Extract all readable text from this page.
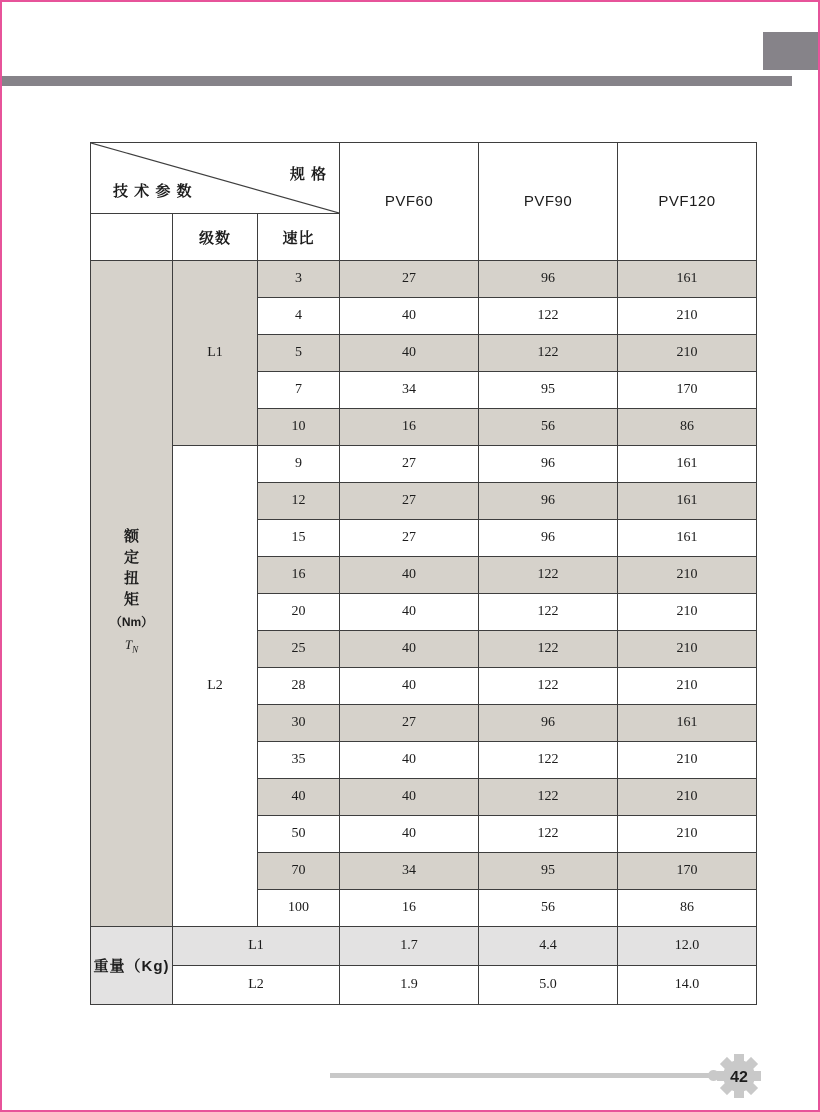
规 格
技 术 参 数			PVF60	PVF90	PVF120
	级数	速比			

额
定
扭
矩
（Nm）
$T_N$
	L1	3	27	96	161
		4	40	122	210
		5	40	122	210
		7	34	95	170
		10	16	56	86
	L2	9	27	96	161
		12	27	96	161
		15	27	96	161
		16	40	122	210
		20	40	122	210
		25	40	122	210
		28	40	122	210
		30	27	96	161
		35	40	122	210
		40	40	122	210
		50	40	122	210
		70	34	95	170
		100	16	56	86
重量（Kg)	L1		1.7	4.4	12.0
	L2		1.9	5.0	14.0
42
